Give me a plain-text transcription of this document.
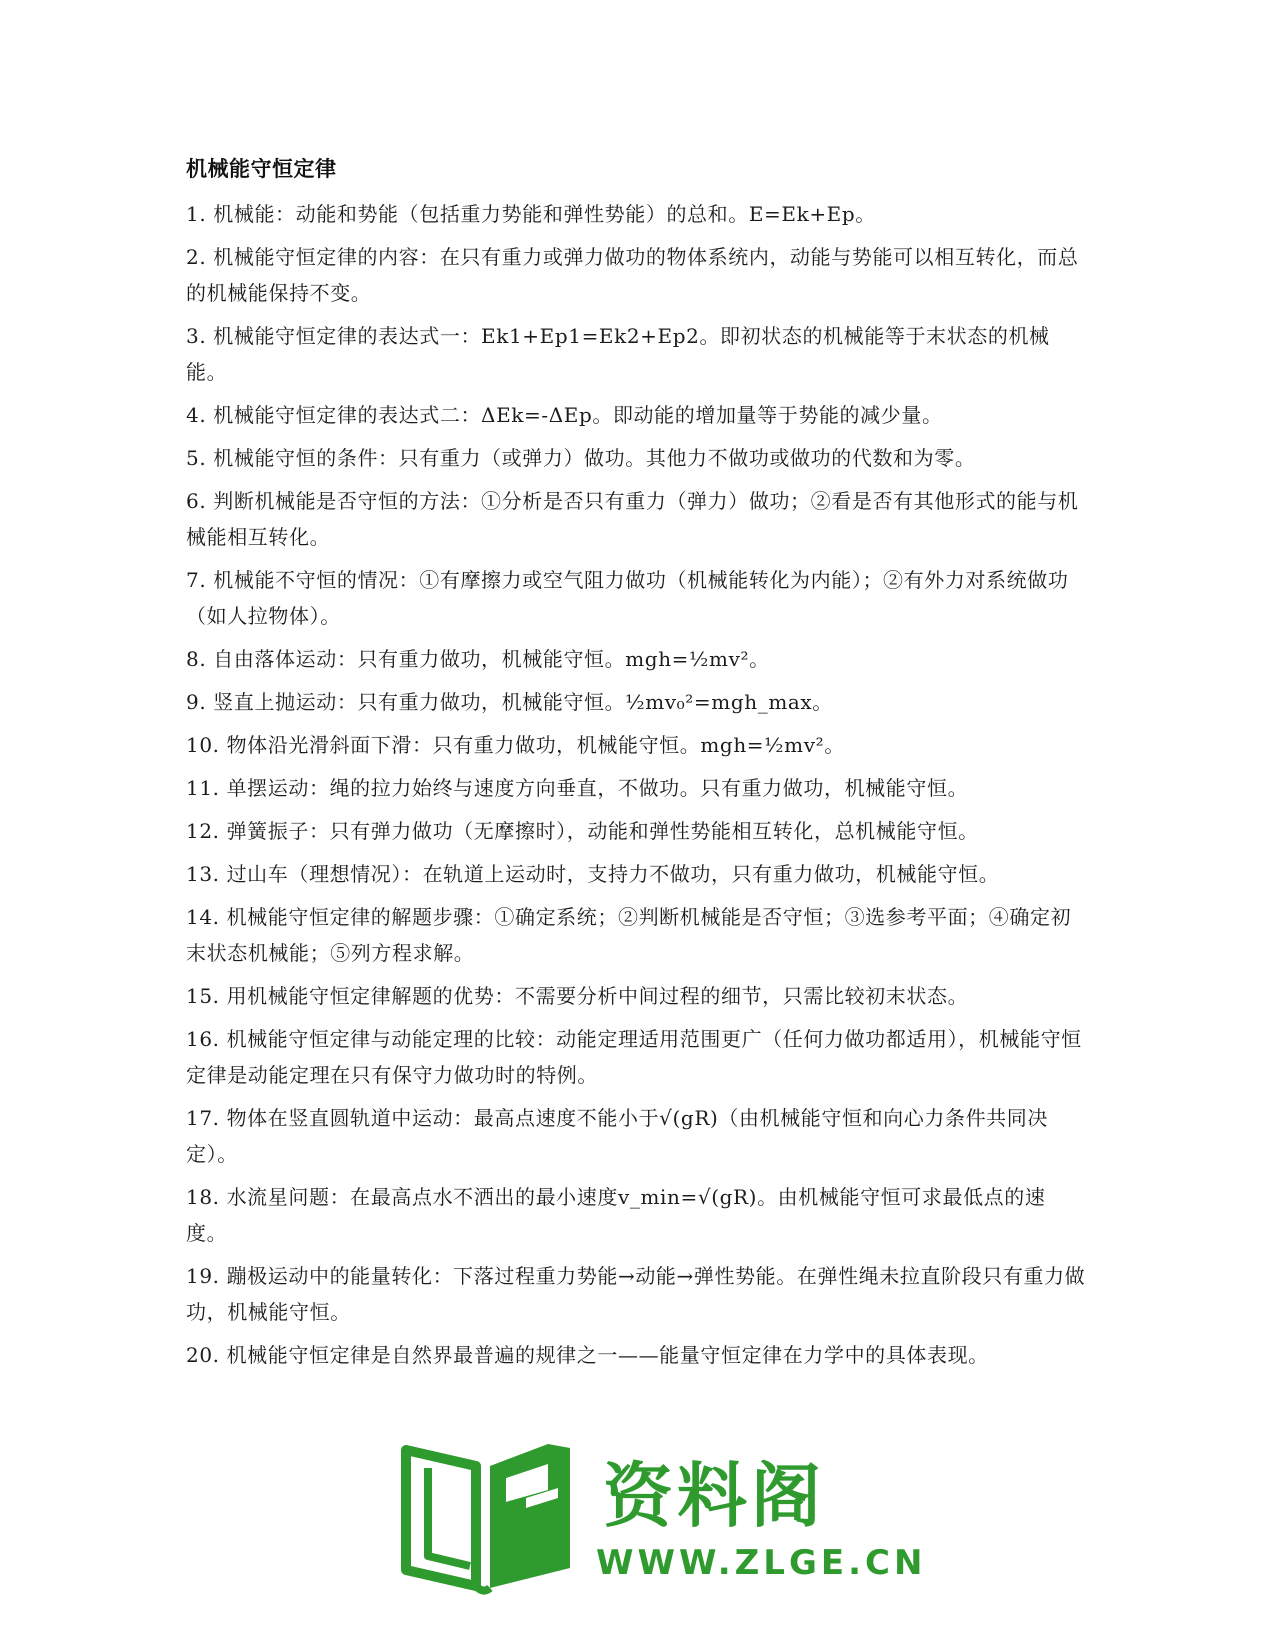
机械能守恒定律
1. 机械能：动能和势能（包括重力势能和弹性势能）的总和。E=Ek+Ep。
2. 机械能守恒定律的内容：在只有重力或弹力做功的物体系统内，动能与势能可以相互转化，而总的机械能保持不变。
3. 机械能守恒定律的表达式一：Ek1+Ep1=Ek2+Ep2。即初状态的机械能等于末状态的机械能。
4. 机械能守恒定律的表达式二：ΔEk=-ΔEp。即动能的增加量等于势能的减少量。
5. 机械能守恒的条件：只有重力（或弹力）做功。其他力不做功或做功的代数和为零。
6. 判断机械能是否守恒的方法：①分析是否只有重力（弹力）做功；②看是否有其他形式的能与机械能相互转化。
7. 机械能不守恒的情况：①有摩擦力或空气阻力做功（机械能转化为内能）；②有外力对系统做功（如人拉物体）。
8. 自由落体运动：只有重力做功，机械能守恒。mgh=½mv²。
9. 竖直上抛运动：只有重力做功，机械能守恒。½mv₀²=mgh_max。
10. 物体沿光滑斜面下滑：只有重力做功，机械能守恒。mgh=½mv²。
11. 单摆运动：绳的拉力始终与速度方向垂直，不做功。只有重力做功，机械能守恒。
12. 弹簧振子：只有弹力做功（无摩擦时），动能和弹性势能相互转化，总机械能守恒。
13. 过山车（理想情况）：在轨道上运动时，支持力不做功，只有重力做功，机械能守恒。
14. 机械能守恒定律的解题步骤：①确定系统；②判断机械能是否守恒；③选参考平面；④确定初末状态机械能；⑤列方程求解。
15. 用机械能守恒定律解题的优势：不需要分析中间过程的细节，只需比较初末状态。
16. 机械能守恒定律与动能定理的比较：动能定理适用范围更广（任何力做功都适用），机械能守恒定律是动能定理在只有保守力做功时的特例。
17. 物体在竖直圆轨道中运动：最高点速度不能小于√(gR)（由机械能守恒和向心力条件共同决定）。
18. 水流星问题：在最高点水不洒出的最小速度v_min=√(gR)。由机械能守恒可求最低点的速度。
19. 蹦极运动中的能量转化：下落过程重力势能→动能→弹性势能。在弹性绳未拉直阶段只有重力做功，机械能守恒。
20. 机械能守恒定律是自然界最普遍的规律之一——能量守恒定律在力学中的具体表现。
资料阁
WWW.ZLGE.CN
